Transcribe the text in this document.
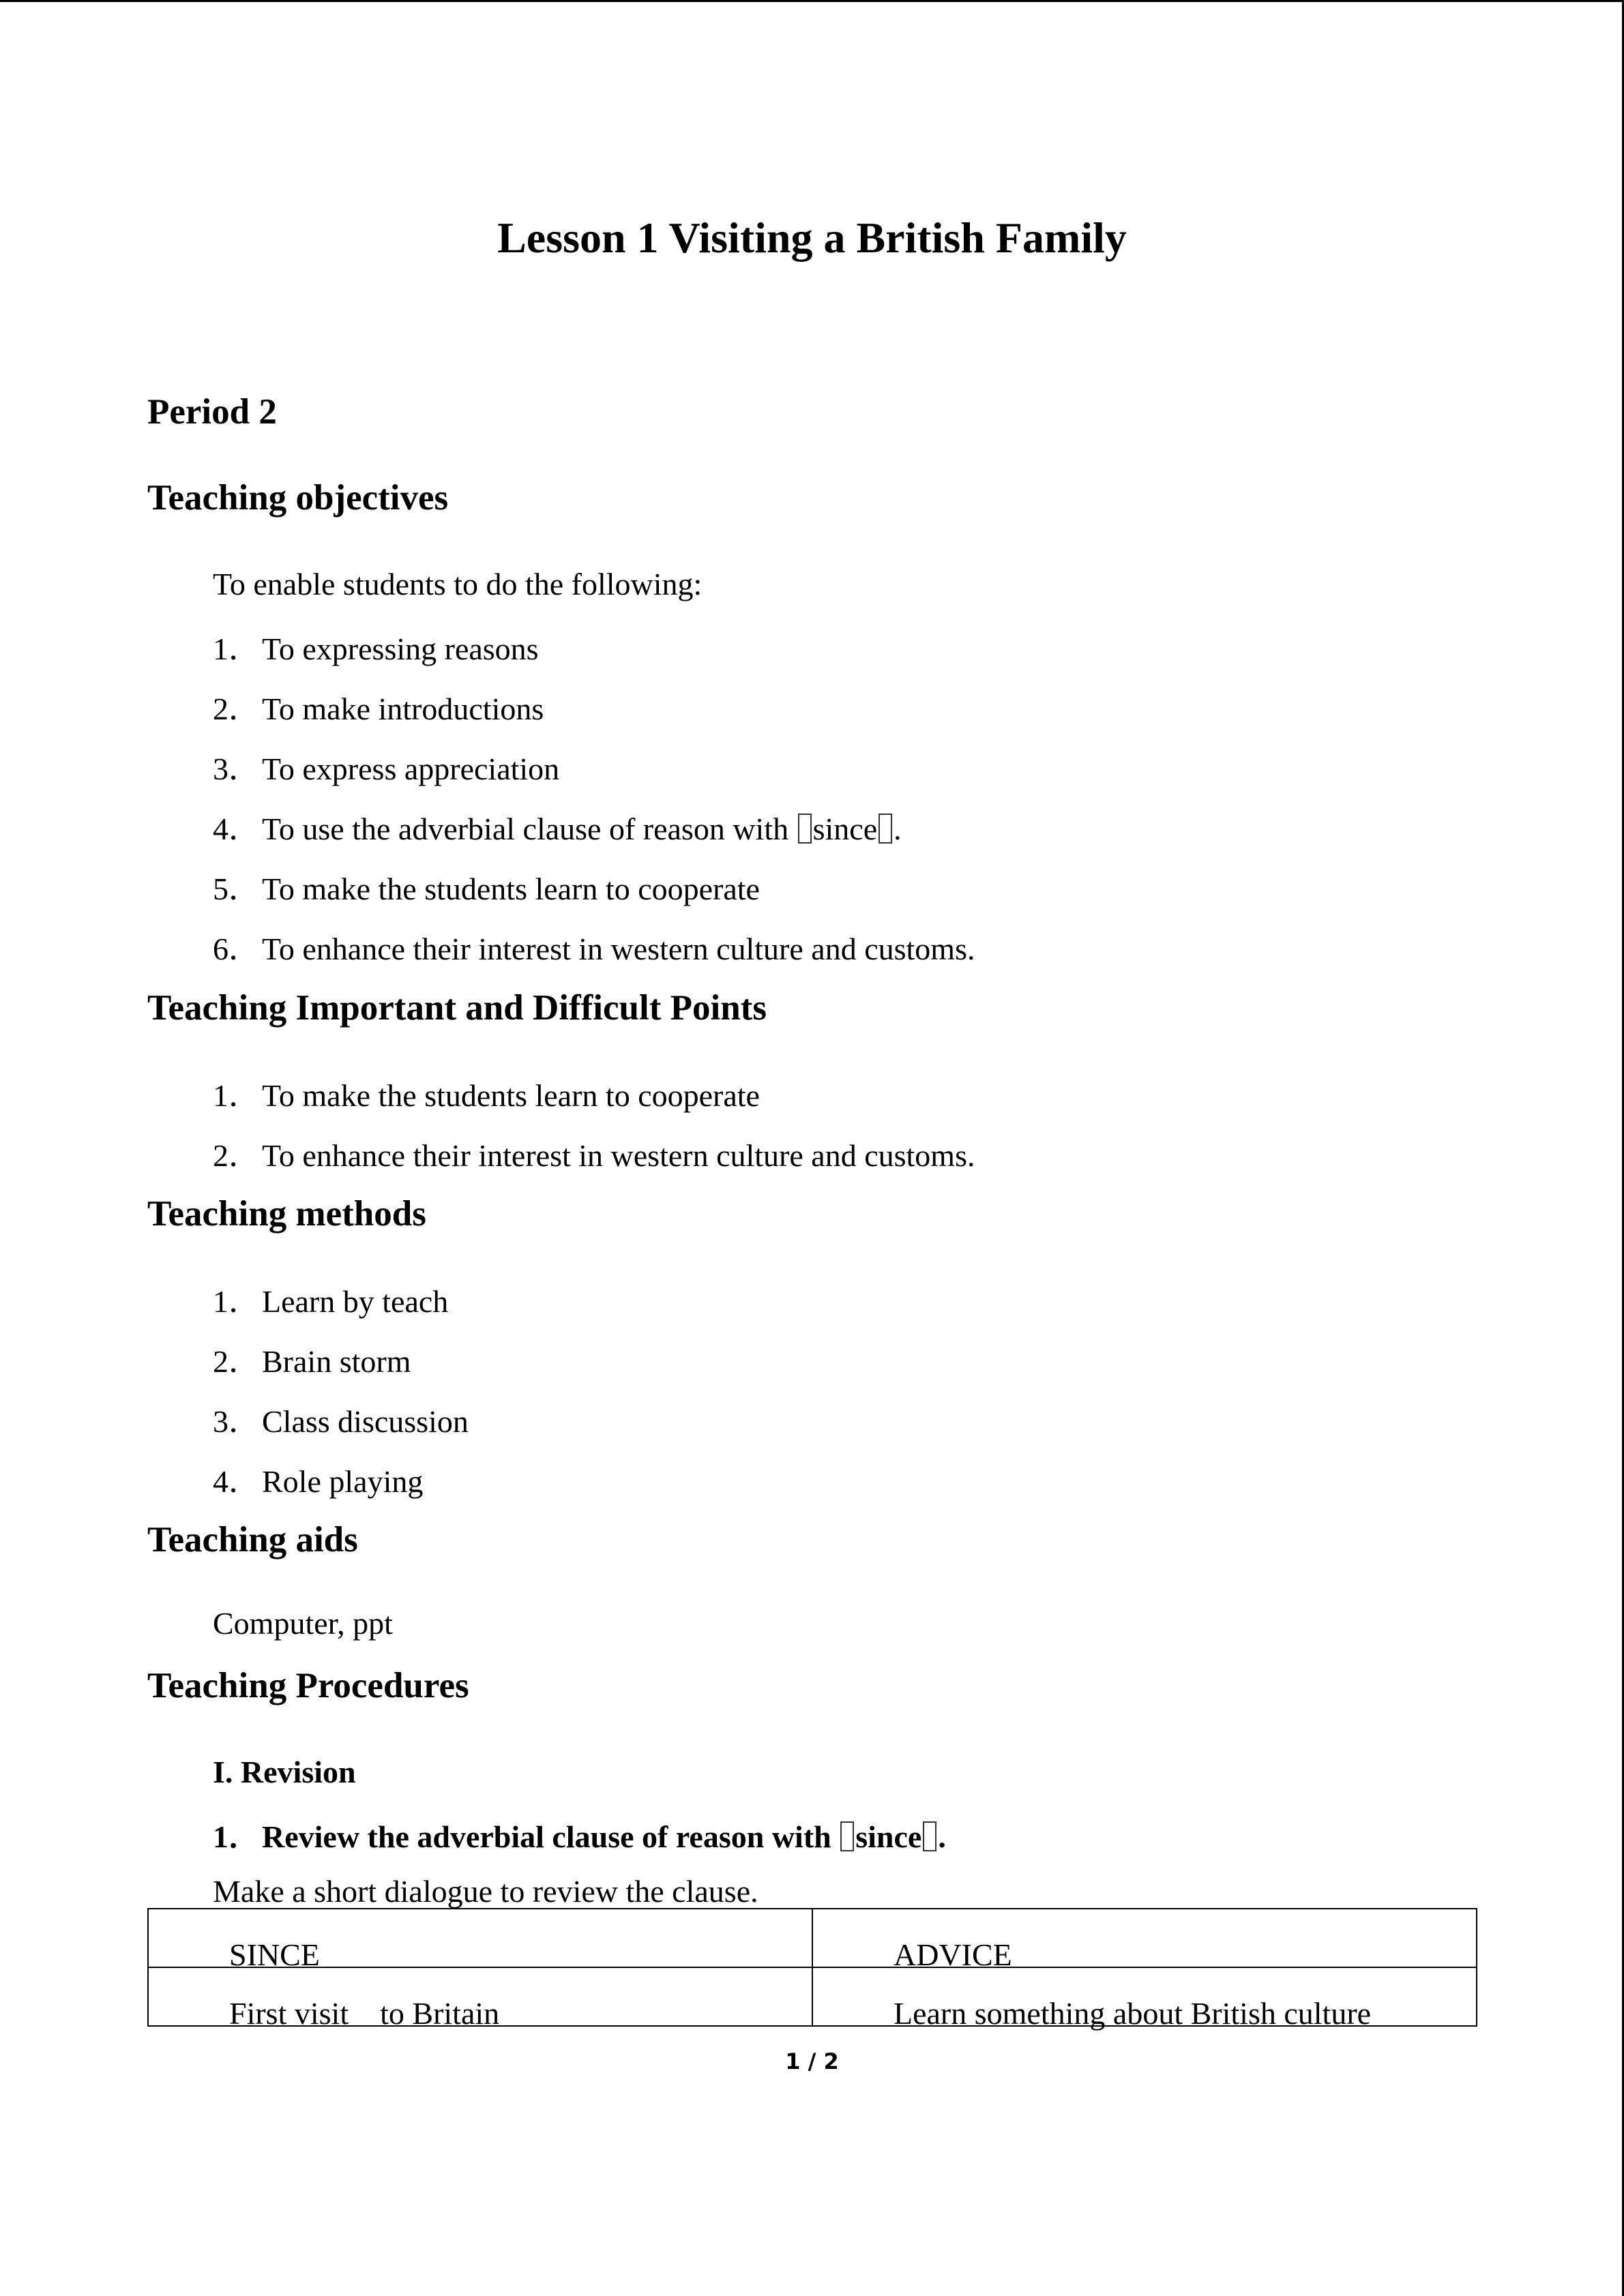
Lesson 1 Visiting a British Family
Period 2
Teaching objectives
To enable students to do the following:
1．To expressing reasons
2．To make introductions
3．To express appreciation
4．To use the adverbial clause of reason with since .
5．To make the students learn to cooperate
6．To enhance their interest in western culture and customs.
Teaching Important and Difficult Points
1．To make the students learn to cooperate
2．To enhance their interest in western culture and customs.
Teaching methods
1．Learn by teach
2．Brain storm
3．Class discussion
4．Role playing
Teaching aids
Computer, ppt
Teaching Procedures
I. Revision
1．Review the adverbial clause of reason with since .
Make a short dialogue to review the clause.
SINCE	ADVICE
First visit    to Britain	Learn something about British culture
1 / 2
